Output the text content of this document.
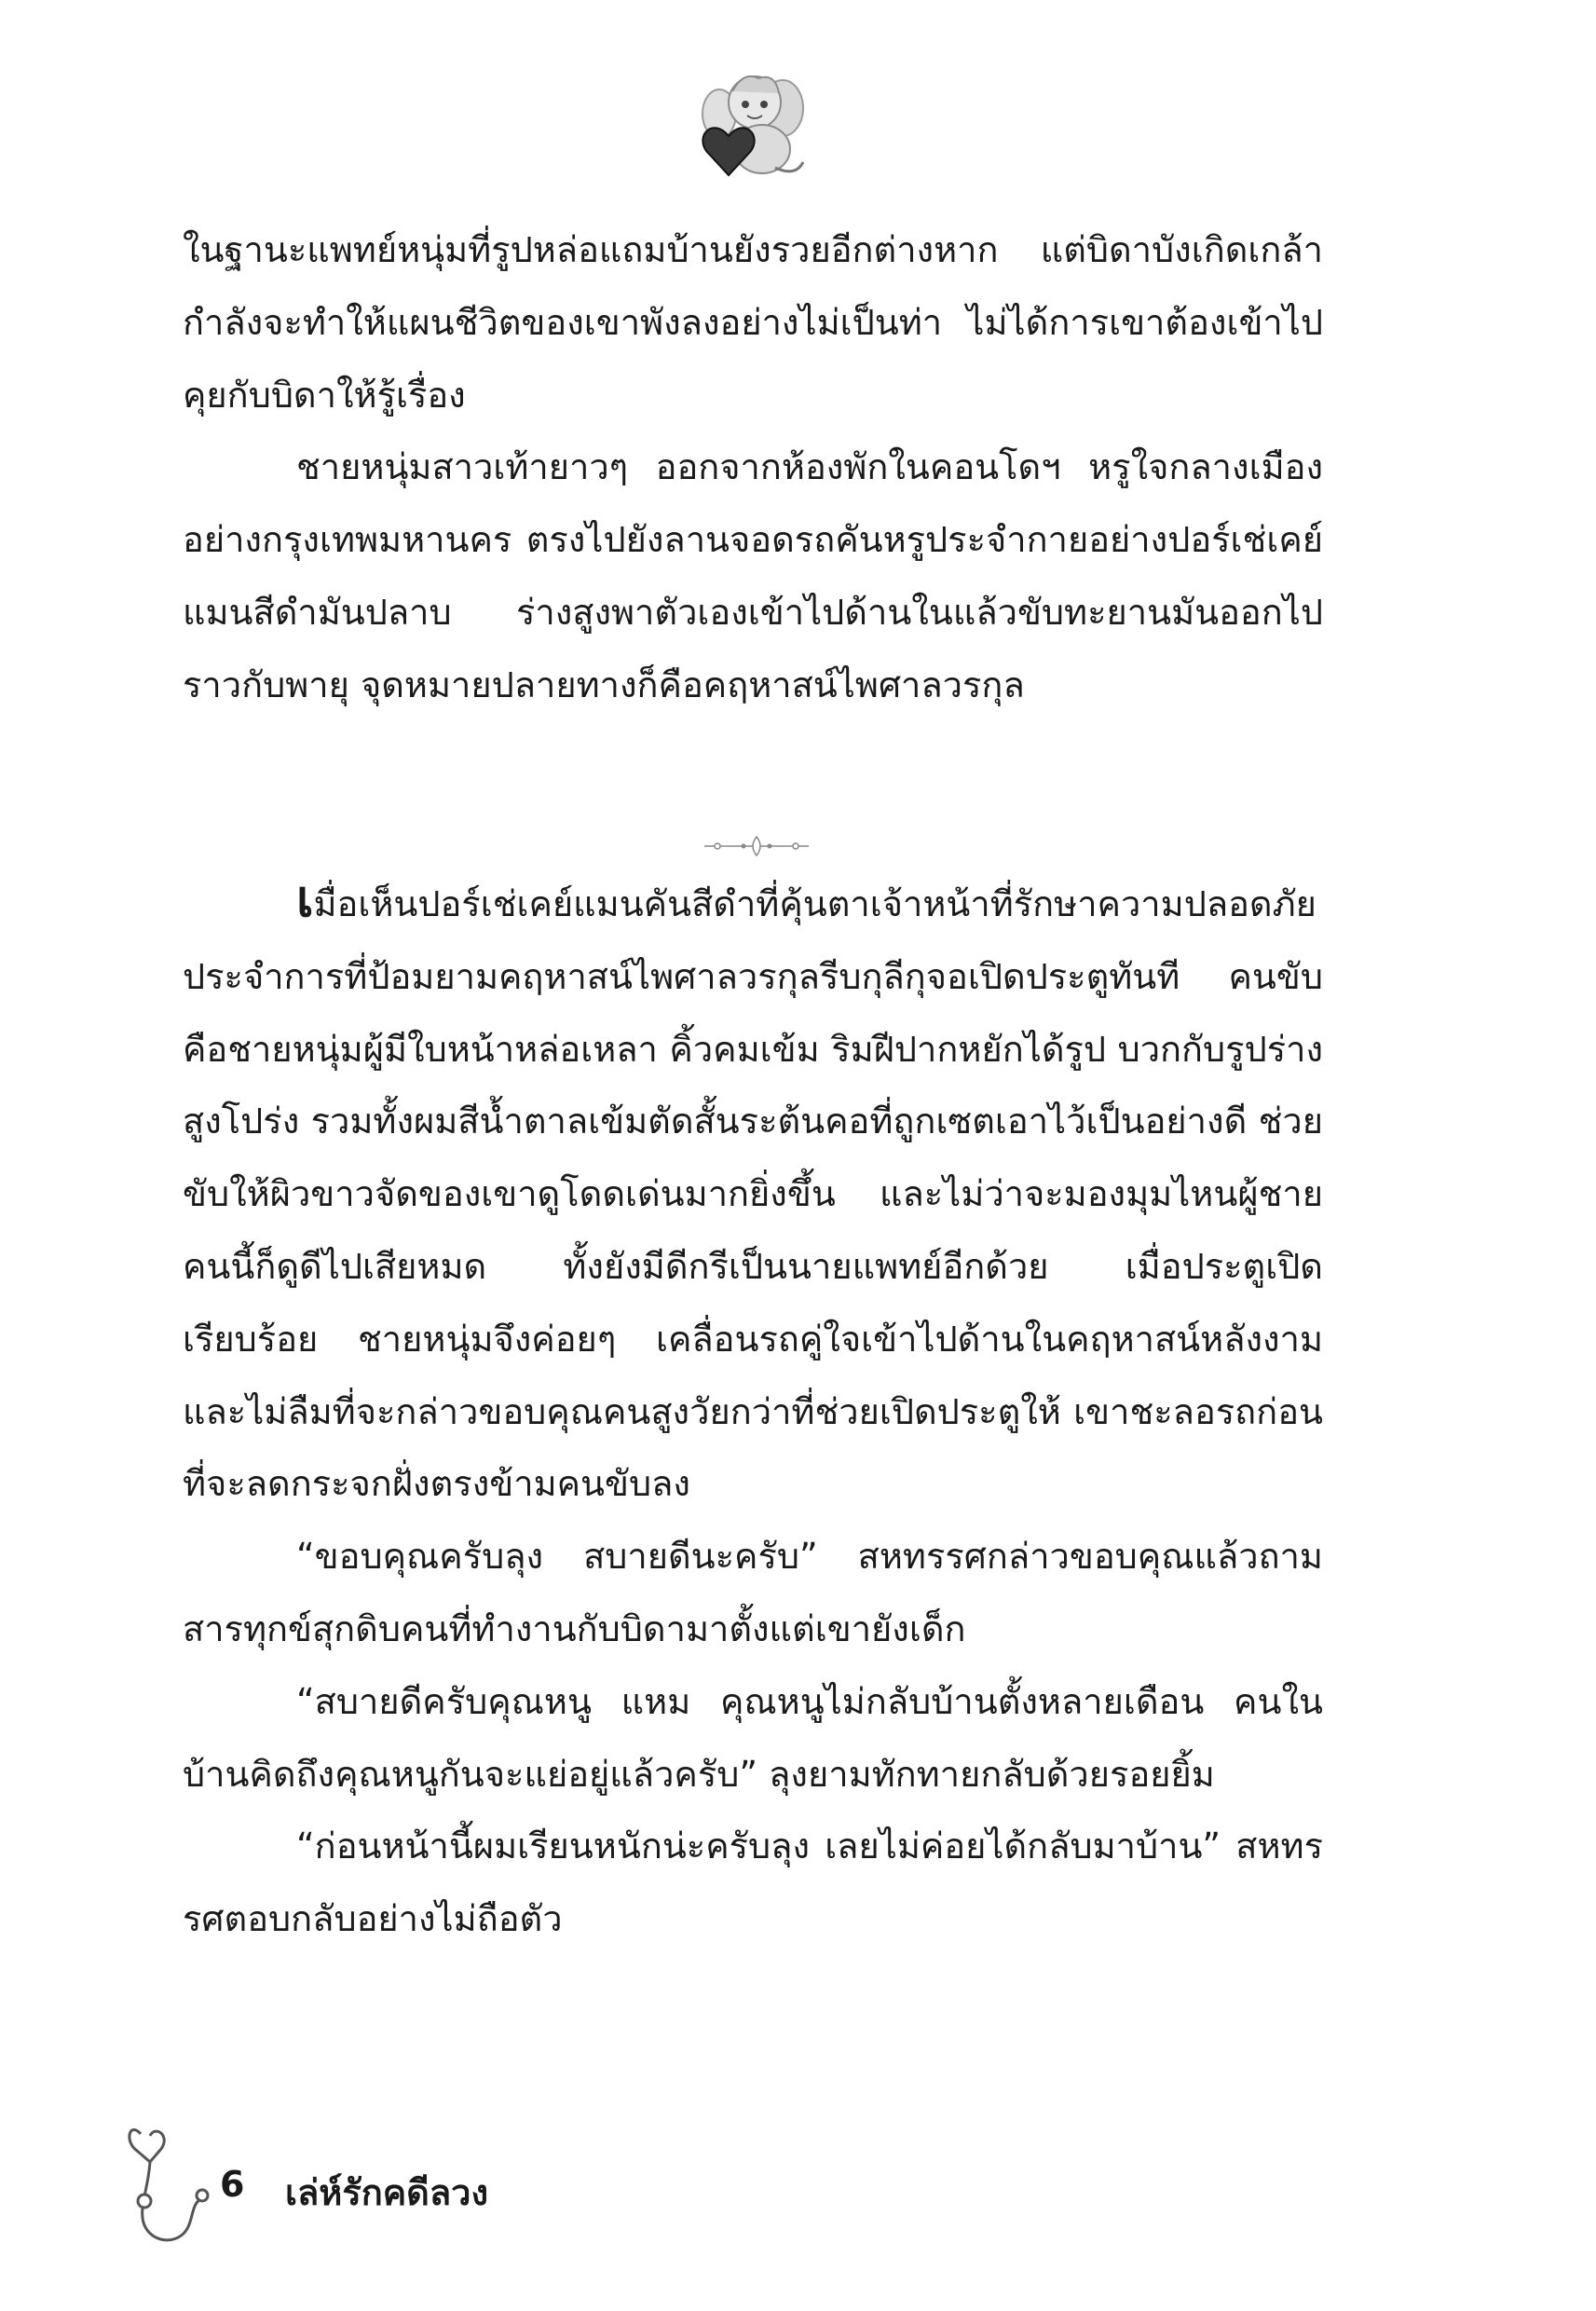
ในฐานะแพทย์หนุ่มที่รูปหล่อแถมบ้านยังรวยอีกต่างหาก แต่บิดาบังเกิดเกล้ากำลังจะทำให้แผนชีวิตของเขาพังลงอย่างไม่เป็นท่า ไม่ได้การเขาต้องเข้าไปคุยกับบิดาให้รู้เรื่อง

ชายหนุ่มสาวเท้ายาวๆ ออกจากห้องพักในคอนโดฯ หรูใจกลางเมืองอย่างกรุงเทพมหานคร ตรงไปยังลานจอดรถคันหรูประจำกายอย่างปอร์เช่เคย์แมนสีดำมันปลาบ ร่างสูงพาตัวเองเข้าไปด้านในแล้วขับทะยานมันออกไปราวกับพายุ จุดหมายปลายทางก็คือคฤหาสน์ไพศาลวรกุล

เมื่อเห็นปอร์เช่เคย์แมนคันสีดำที่คุ้นตาเจ้าหน้าที่รักษาความปลอดภัยประจำการที่ป้อมยามคฤหาสน์ไพศาลวรกุลรีบกุลีกุจอเปิดประตูทันที คนขับคือชายหนุ่มผู้มีใบหน้าหล่อเหลา คิ้วคมเข้ม ริมฝีปากหยักได้รูป บวกกับรูปร่างสูงโปร่ง รวมทั้งผมสีน้ำตาลเข้มตัดสั้นระต้นคอที่ถูกเซตเอาไว้เป็นอย่างดี ช่วยขับให้ผิวขาวจัดของเขาดูโดดเด่นมากยิ่งขึ้น และไม่ว่าจะมองมุมไหนผู้ชายคนนี้ก็ดูดีไปเสียหมด ทั้งยังมีดีกรีเป็นนายแพทย์อีกด้วย เมื่อประตูเปิดเรียบร้อย ชายหนุ่มจึงค่อยๆ เคลื่อนรถคู่ใจเข้าไปด้านในคฤหาสน์หลังงาม และไม่ลืมที่จะกล่าวขอบคุณคนสูงวัยกว่าที่ช่วยเปิดประตูให้ เขาชะลอรถก่อนที่จะลดกระจกฝั่งตรงข้ามคนขับลง

“ขอบคุณครับลุง สบายดีนะครับ” สหทรรศกล่าวขอบคุณแล้วถามสารทุกข์สุกดิบคนที่ทำงานกับบิดามาตั้งแต่เขายังเด็ก

“สบายดีครับคุณหนู แหม คุณหนูไม่กลับบ้านตั้งหลายเดือน คนในบ้านคิดถึงคุณหนูกันจะแย่อยู่แล้วครับ” ลุงยามทักทายกลับด้วยรอยยิ้ม

“ก่อนหน้านี้ผมเรียนหนักน่ะครับลุง เลยไม่ค่อยได้กลับมาบ้าน” สหทรรศตอบกลับอย่างไม่ถือตัว

6 เล่ห์รักคดีลวง
